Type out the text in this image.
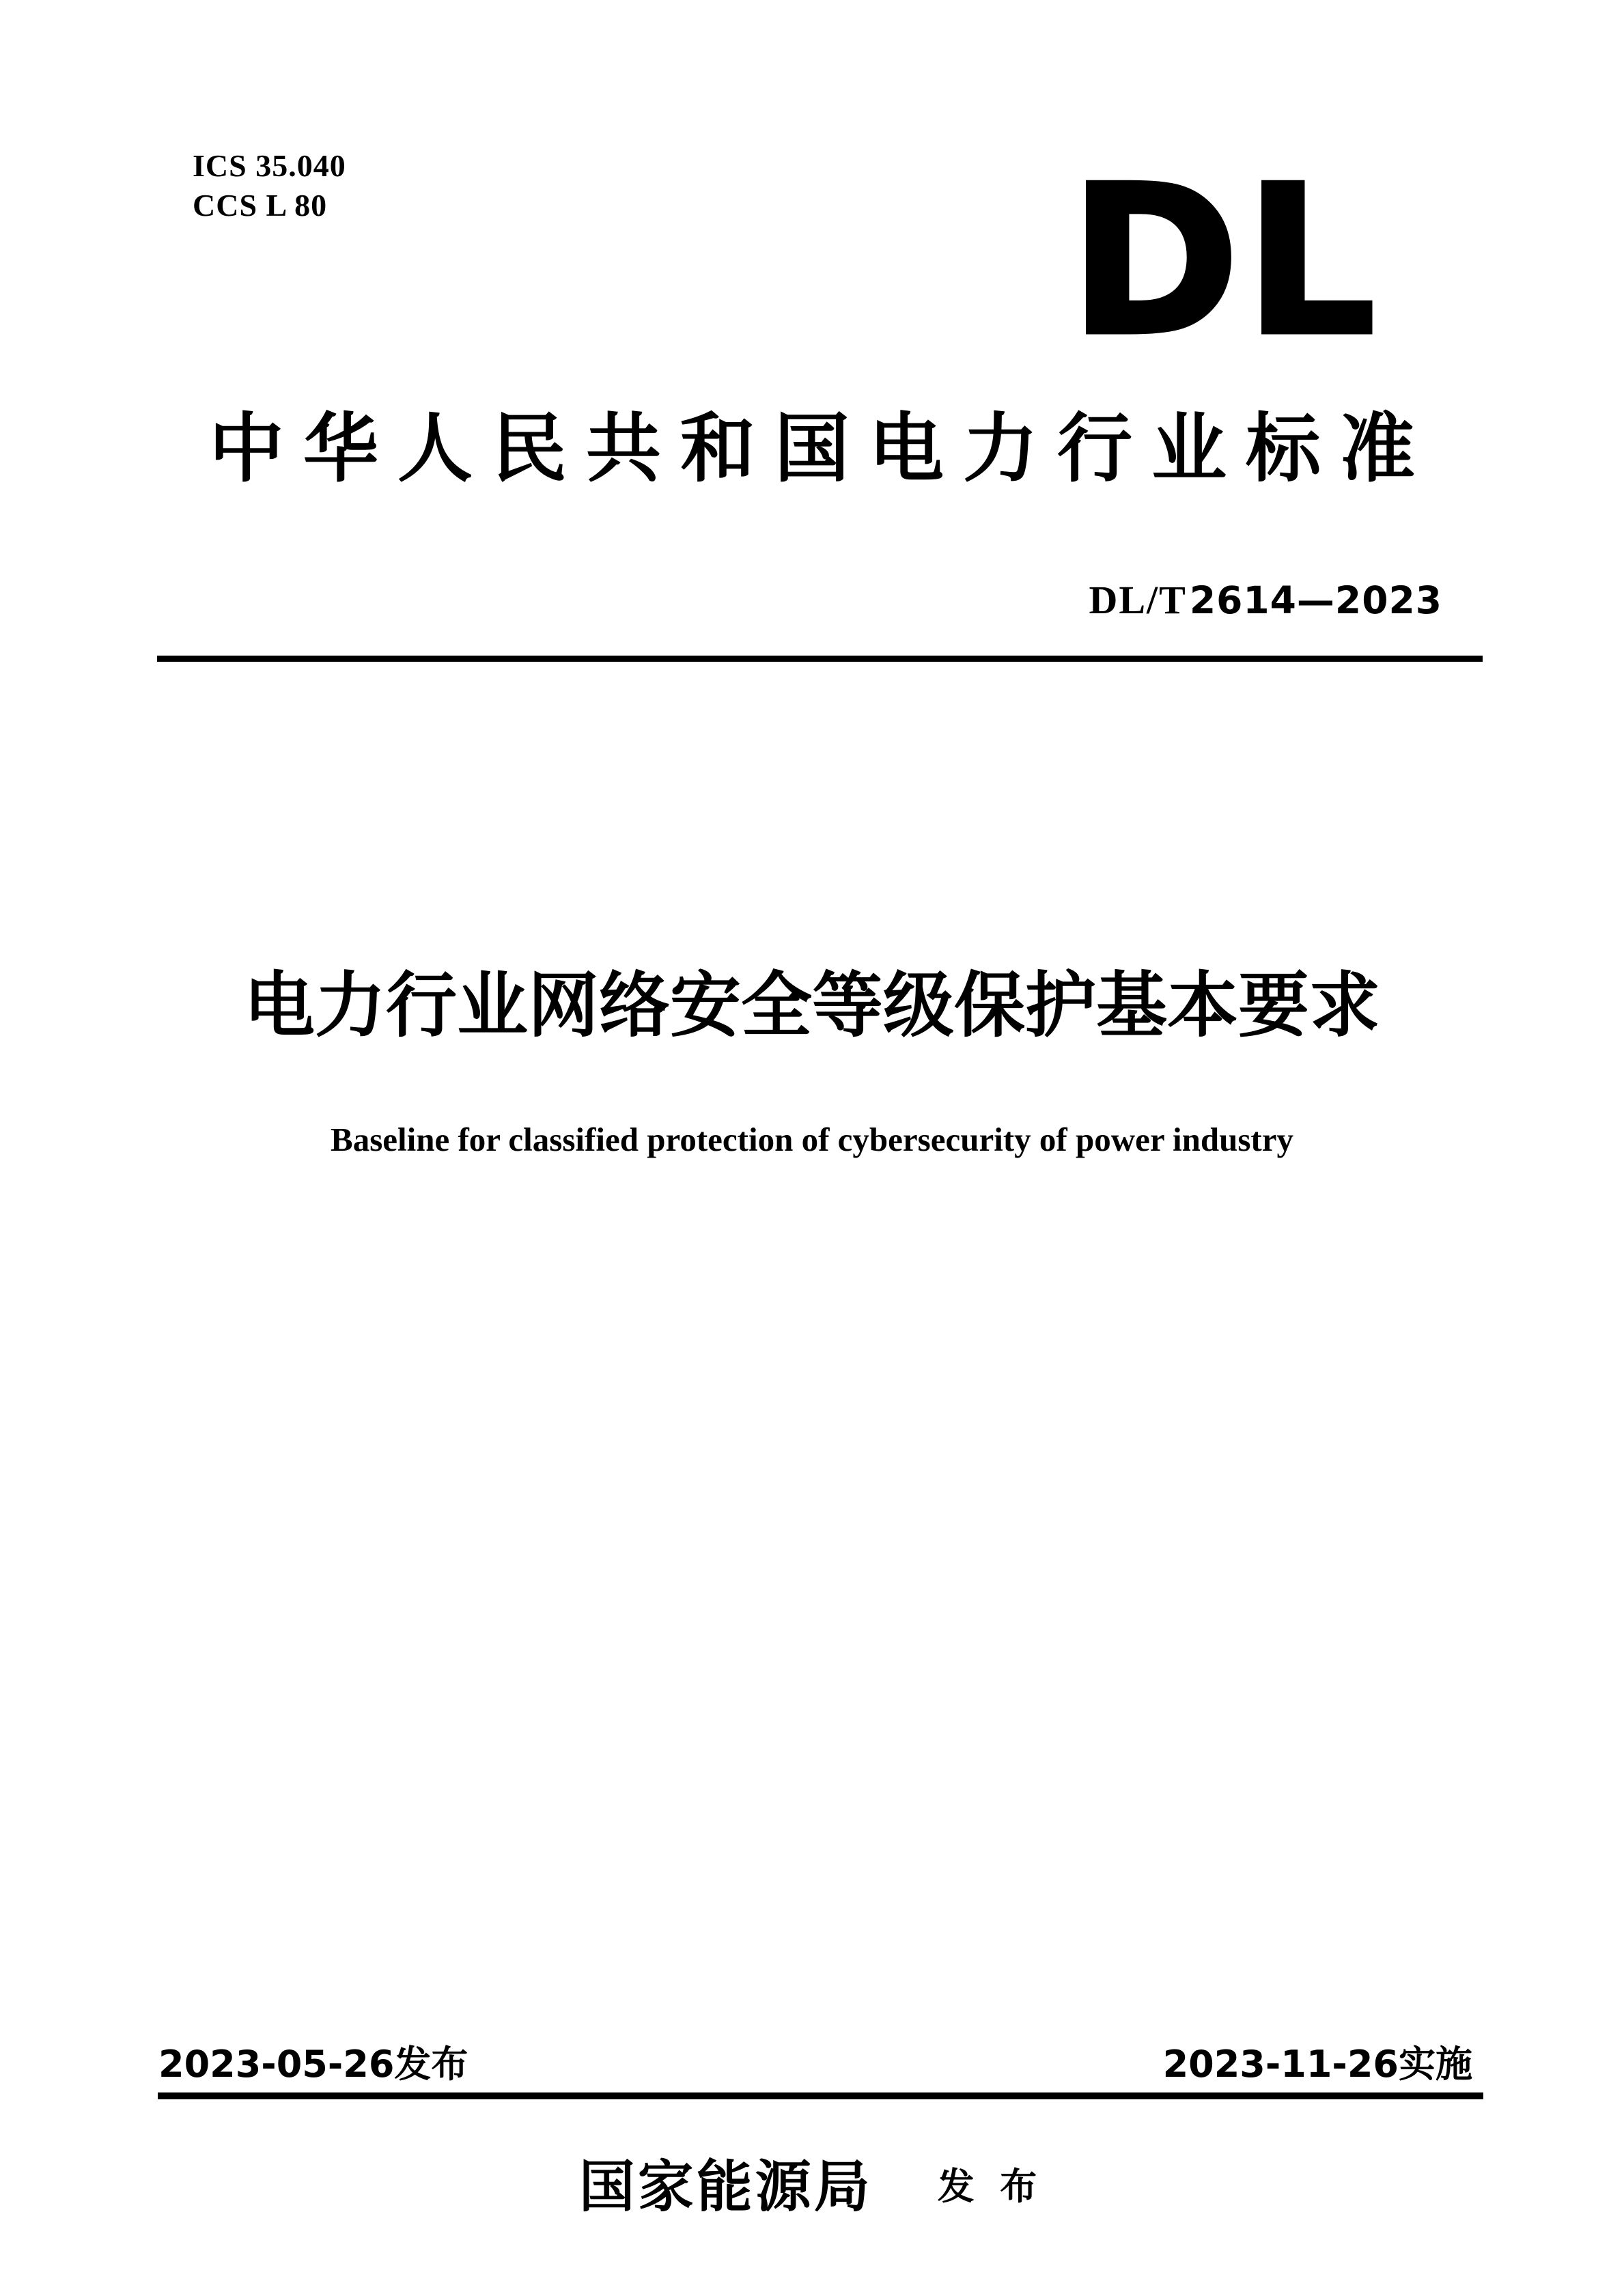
ICS 35.040
CCS L 80	DL
中华人民共和国电力行业标准
DL/T 2614—2023
电力行业网络安全等级保护基本要求
Baseline for classified protection of cybersecurity of power industry
2023-05-26发布	2023-11-26实施
国家能源局 发 布
